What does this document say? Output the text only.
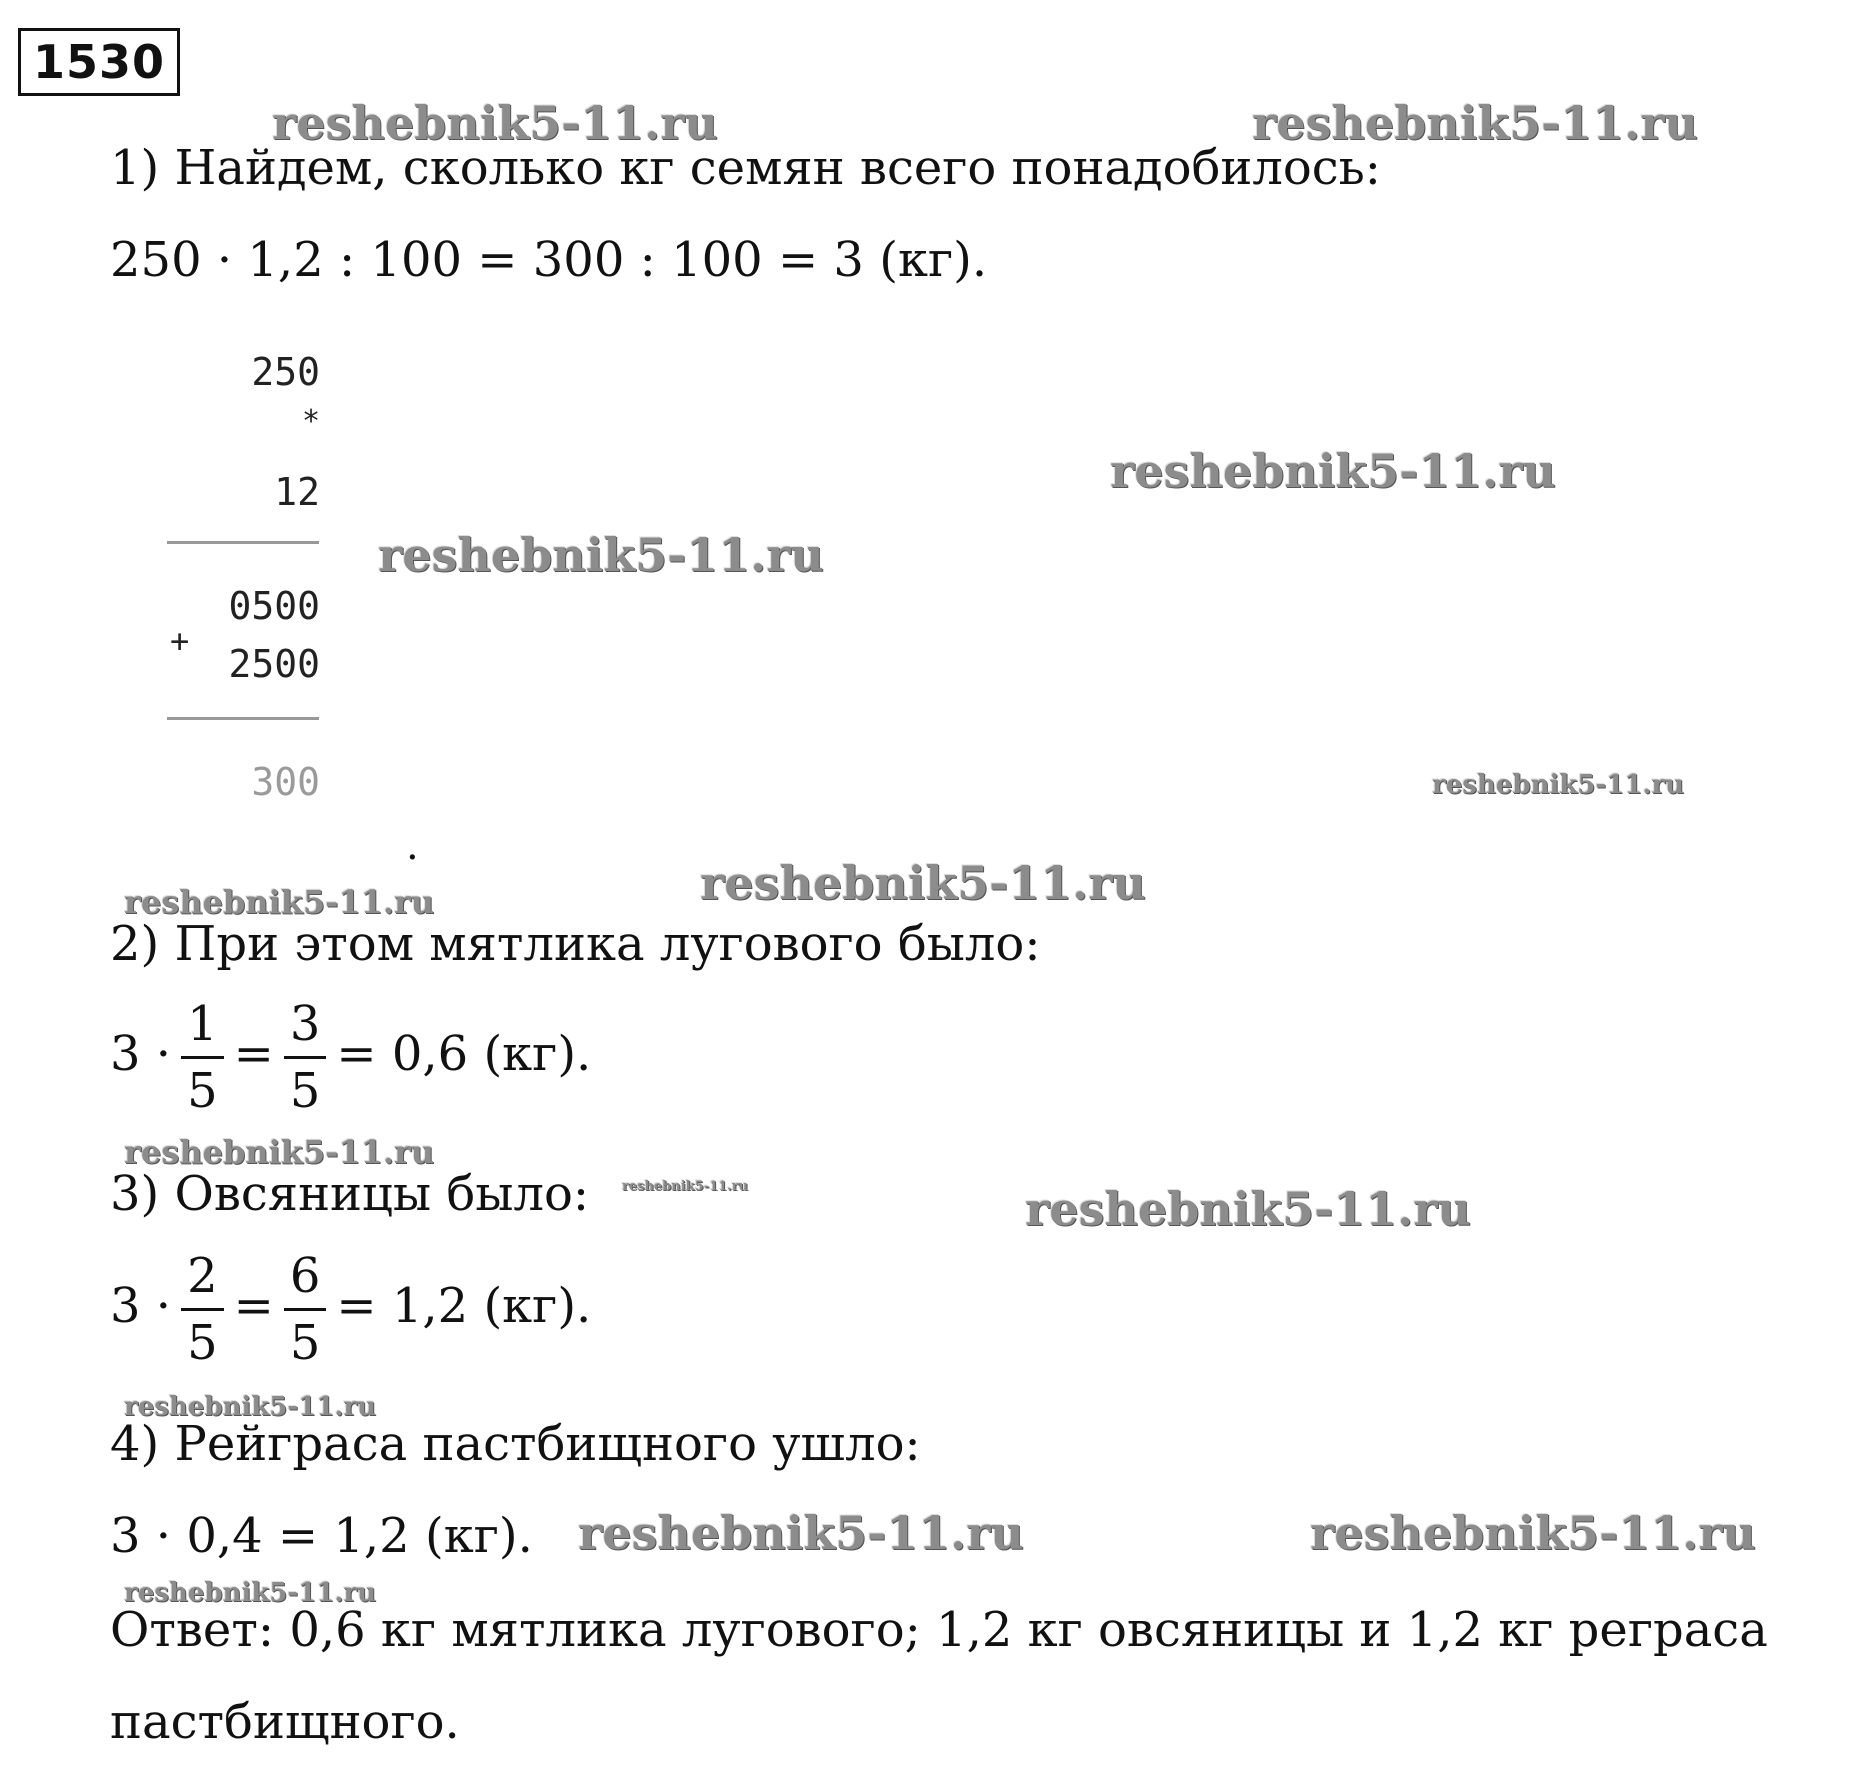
1530
reshebnik5-11.ru	reshebnik5-11.ru
reshebnik5-11.ru
reshebnik5-11.ru
reshebnik5-11.ru
reshebnik5-11.ru
reshebnik5-11.ru
reshebnik5-11.ru
reshebnik5-11.ru	reshebnik5-11.ru
reshebnik5-11.ru
reshebnik5-11.ru	reshebnik5-11.ru
reshebnik5-11.ru
1) Найдем, сколько кг семян всего понадобилось:
250 · 1,2 : 100 = 300 : 100 = 3 (кг).
250
*
12
0500
+
2500
300
.
2) При этом мятлика лугового было:
$3 \cdot \frac{1}{5} = \frac{3}{5} = 0,6$ (кг).
3) Овсяницы было:
$3 \cdot \frac{2}{5} = \frac{6}{5} = 1,2$ (кг).
4) Рейграса пастбищного ушло:
3 · 0,4 = 1,2 (кг).
Ответ: 0,6 кг мятлика лугового; 1,2 кг овсяницы и 1,2 кг реграса
пастбищного.
